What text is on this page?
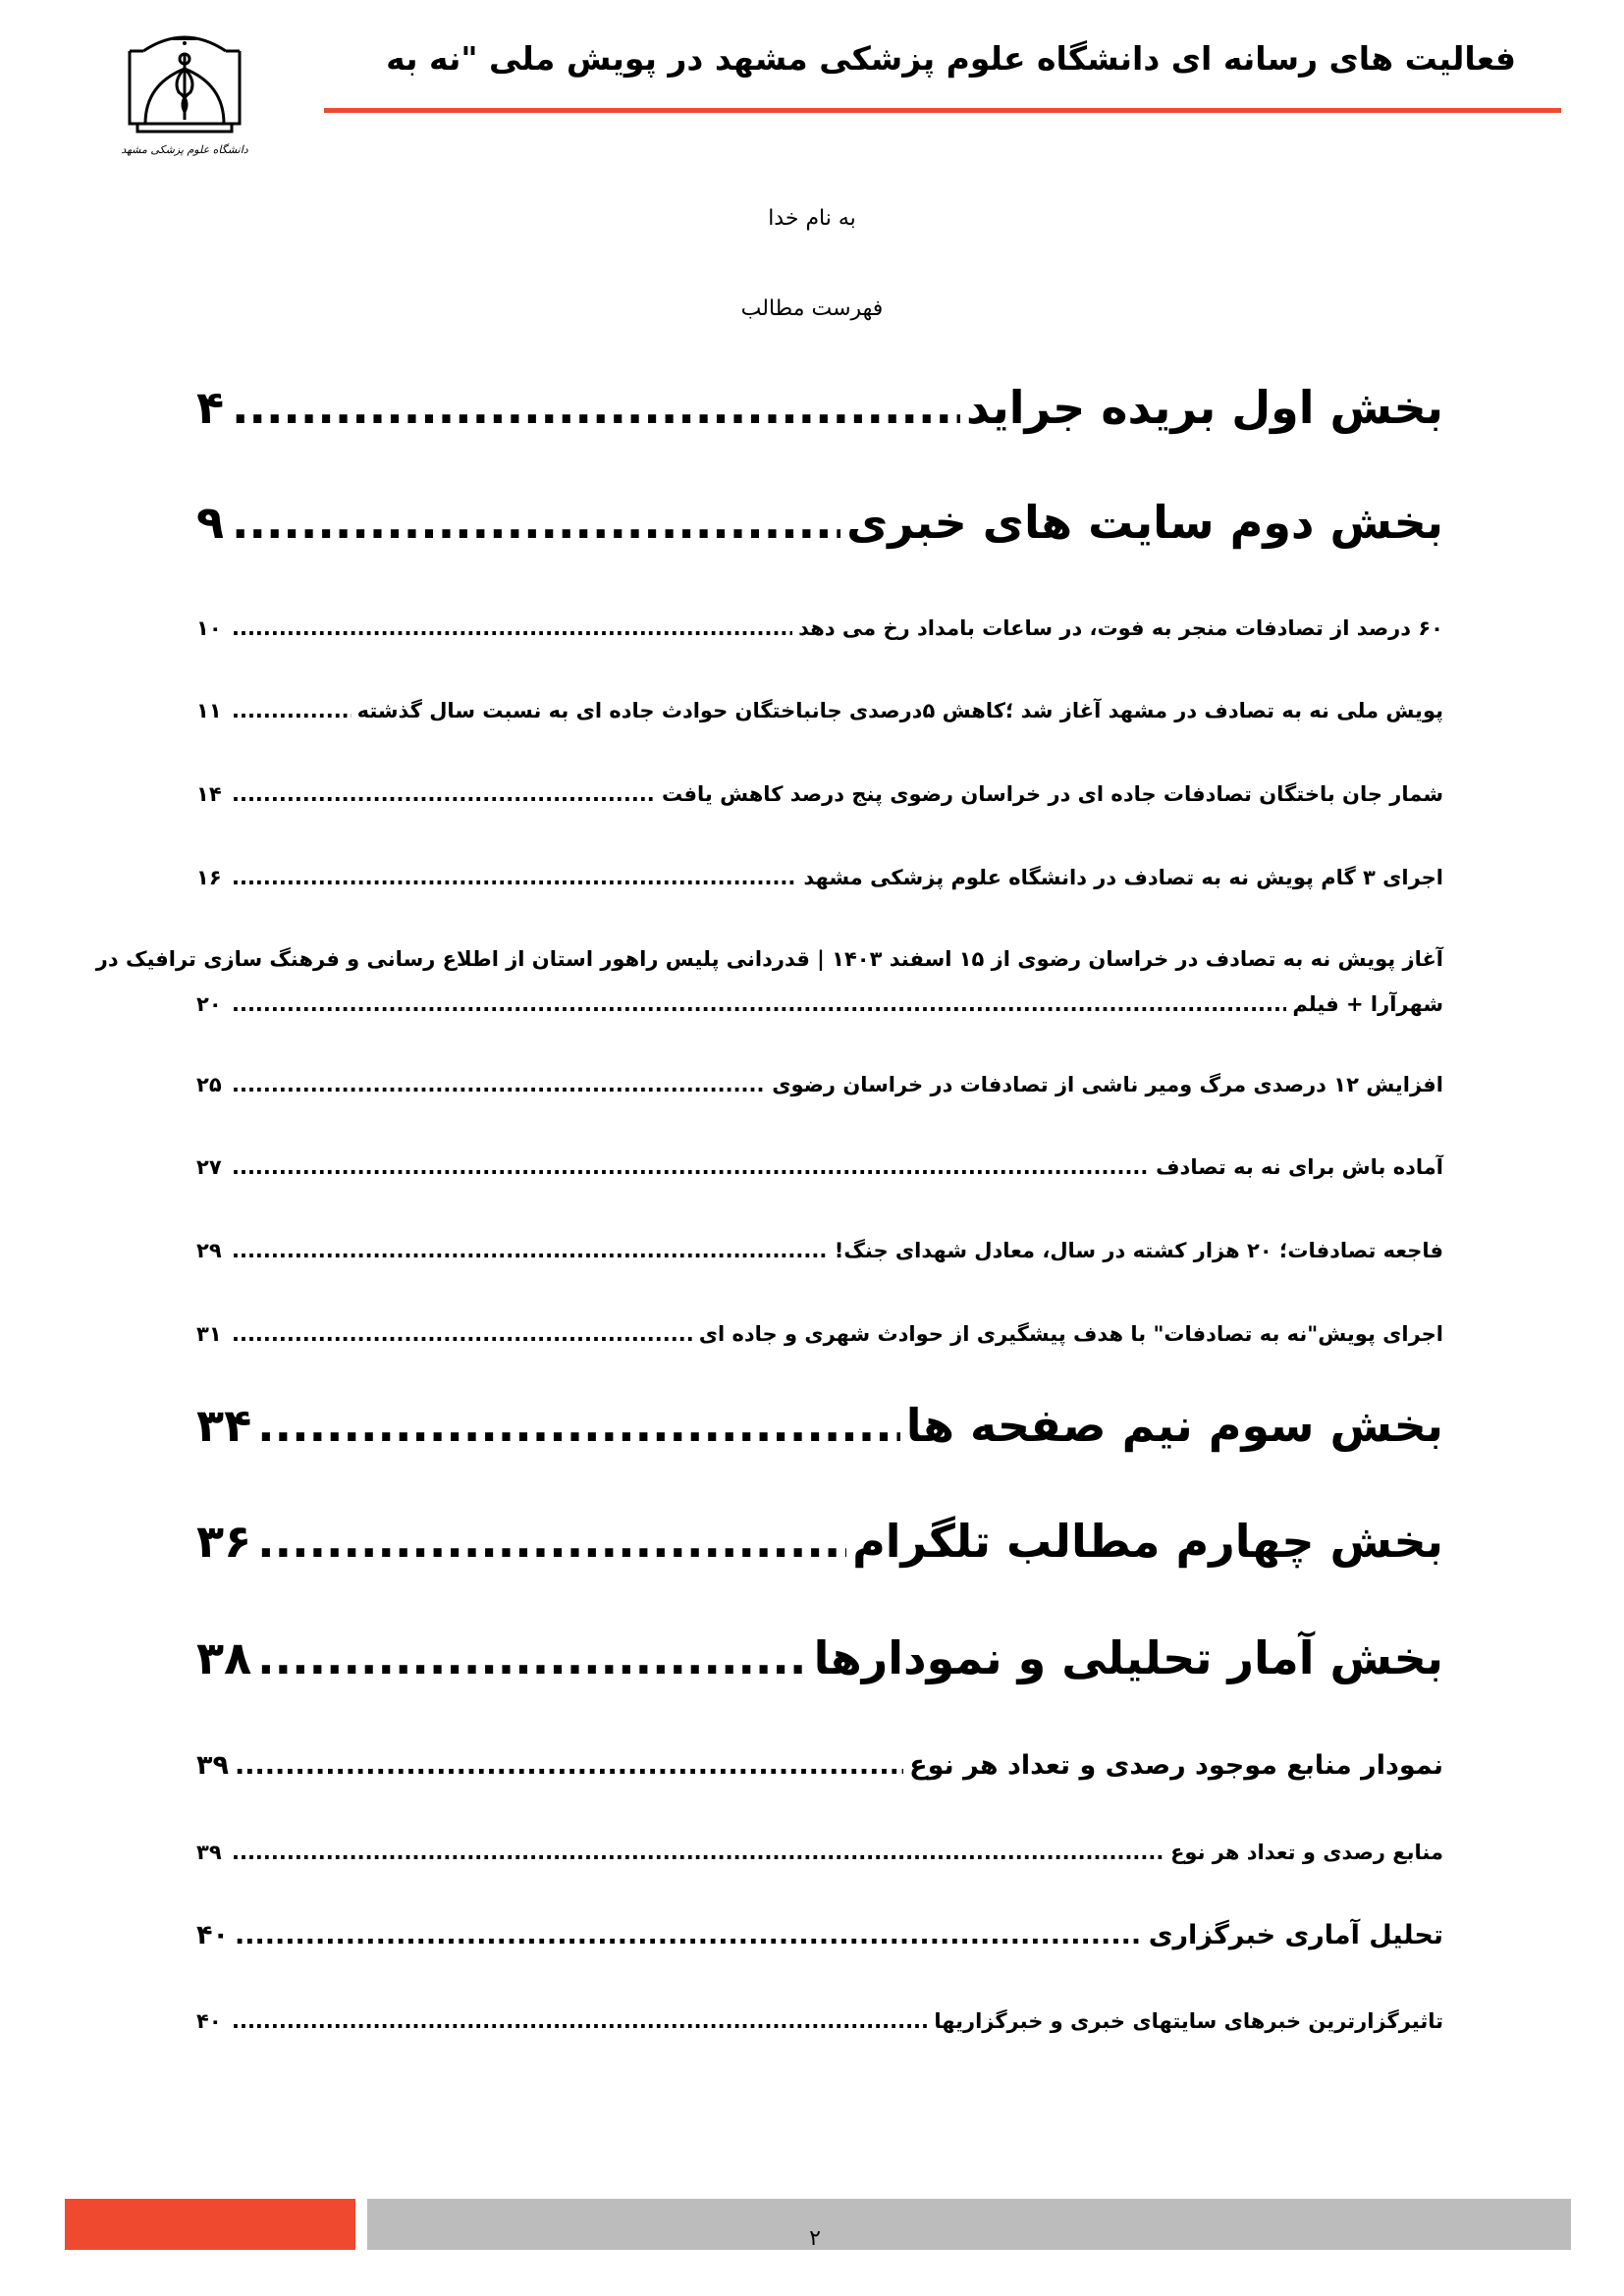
فعالیت های رسانه ای دانشگاه علوم پزشکی مشهد در پویش ملی "نه به
دانشگاه علوم پزشکی مشهد
به نام خدا
فهرست مطالب
بخش اول بریده جراید
.....
۴
بخش دوم سایت های خبری
.....
۹
۶۰ درصد از تصادفات منجر به فوت، در ساعات بامداد رخ می دهد
.....
۱۰
پویش ملی نه به تصادف در مشهد آغاز شد ؛کاهش ۵درصدی جانباختگان حوادث جاده ای به نسبت سال گذشته
.....
۱۱
شمار جان باختگان تصادفات جاده ای در خراسان رضوی پنج درصد کاهش یافت
.....
۱۴
اجرای ۳ گام پویش نه به تصادف در دانشگاه علوم پزشکی مشهد
.....
۱۶
آغاز پویش نه به تصادف در خراسان رضوی از ۱۵ اسفند ۱۴۰۳ | قدردانی پلیس راهور استان از اطلاع رسانی و فرهنگ سازی ترافیک در
شهرآرا + فیلم
.....
۲۰
افزایش ۱۲ درصدی مرگ ومیر ناشی از تصادفات در خراسان رضوی
.....
۲۵
آماده باش برای نه به تصادف
.....
۲۷
فاجعه تصادفات؛ ۲۰ هزار کشته در سال، معادل شهدای جنگ!
.....
۲۹
اجرای پویش"نه به تصادفات" با هدف پیشگیری از حوادث شهری و جاده ای
.....
۳۱
بخش سوم نیم صفحه ها
.....
۳۴
بخش چهارم مطالب تلگرام
.....
۳۶
بخش آمار تحلیلی و نمودارها
.....
۳۸
نمودار منابع موجود رصدی و تعداد هر نوع
.....
۳۹
منابع رصدی و تعداد هر نوع
.....
۳۹
تحلیل آماری خبرگزاری
.....
۴۰
تاثیرگزارترین خبرهای سایتهای خبری و خبرگزاریها
.....
۴۰
۲
